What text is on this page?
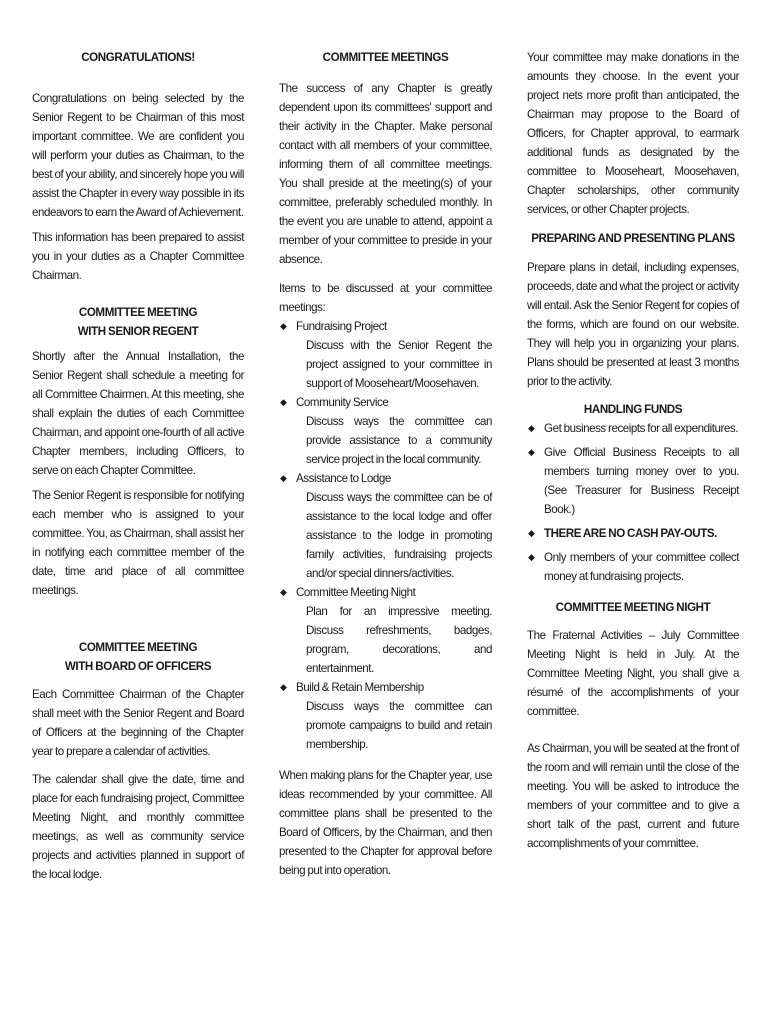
CONGRATULATIONS!

Congratulations on being selected by the Senior Regent to be Chairman of this most important committee. We are confident you will perform your duties as Chairman, to the best of your ability, and sincerely hope you will assist the Chapter in every way possible in its endeavors to earn the Award of Achievement.

This information has been prepared to assist you in your duties as a Chapter Committee Chairman.

COMMITTEE MEETING
WITH SENIOR REGENT

Shortly after the Annual Installation, the Senior Regent shall schedule a meeting for all Committee Chairmen. At this meeting, she shall explain the duties of each Committee Chairman, and appoint one-fourth of all active Chapter members, including Officers, to serve on each Chapter Committee.

The Senior Regent is responsible for notifying each member who is assigned to your committee. You, as Chairman, shall assist her in notifying each committee member of the date, time and place of all committee meetings.

COMMITTEE MEETING
WITH BOARD OF OFFICERS

Each Committee Chairman of the Chapter shall meet with the Senior Regent and Board of Officers at the beginning of the Chapter year to prepare a calendar of activities.

The calendar shall give the date, time and place for each fundraising project, Committee Meeting Night, and monthly committee meetings, as well as community service projects and activities planned in support of the local lodge.

COMMITTEE MEETINGS

The success of any Chapter is greatly dependent upon its committees' support and their activity in the Chapter. Make personal contact with all members of your committee, informing them of all committee meetings. You shall preside at the meeting(s) of your committee, preferably scheduled monthly. In the event you are unable to attend, appoint a member of your committee to preside in your absence.

Items to be discussed at your committee meetings:

◆ Fundraising Project
Discuss with the Senior Regent the project assigned to your committee in support of Mooseheart/Moosehaven.
◆ Community Service
Discuss ways the committee can provide assistance to a community service project in the local community.
◆ Assistance to Lodge
Discuss ways the committee can be of assistance to the local lodge and offer assistance to the lodge in promoting family activities, fundraising projects and/or special dinners/activities.
◆ Committee Meeting Night
Plan for an impressive meeting. Discuss refreshments, badges, program, decorations, and entertainment.
◆ Build & Retain Membership
Discuss ways the committee can promote campaigns to build and retain membership.

When making plans for the Chapter year, use ideas recommended by your committee. All committee plans shall be presented to the Board of Officers, by the Chairman, and then presented to the Chapter for approval before being put into operation.

Your committee may make donations in the amounts they choose. In the event your project nets more profit than anticipated, the Chairman may propose to the Board of Officers, for Chapter approval, to earmark additional funds as designated by the committee to Mooseheart, Moosehaven, Chapter scholarships, other community services, or other Chapter projects.

PREPARING AND PRESENTING PLANS

Prepare plans in detail, including expenses, proceeds, date and what the project or activity will entail. Ask the Senior Regent for copies of the forms, which are found on our website. They will help you in organizing your plans. Plans should be presented at least 3 months prior to the activity.

HANDLING FUNDS
◆ Get business receipts for all expenditures.
◆ Give Official Business Receipts to all members turning money over to you. (See Treasurer for Business Receipt Book.)
◆ THERE ARE NO CASH PAY-OUTS.
◆ Only members of your committee collect money at fundraising projects.
COMMITTEE MEETING NIGHT

The Fraternal Activities – July Committee Meeting Night is held in July. At the Committee Meeting Night, you shall give a résumé of the accomplishments of your committee.

As Chairman, you will be seated at the front of the room and will remain until the close of the meeting. You will be asked to introduce the members of your committee and to give a short talk of the past, current and future accomplishments of your committee.
